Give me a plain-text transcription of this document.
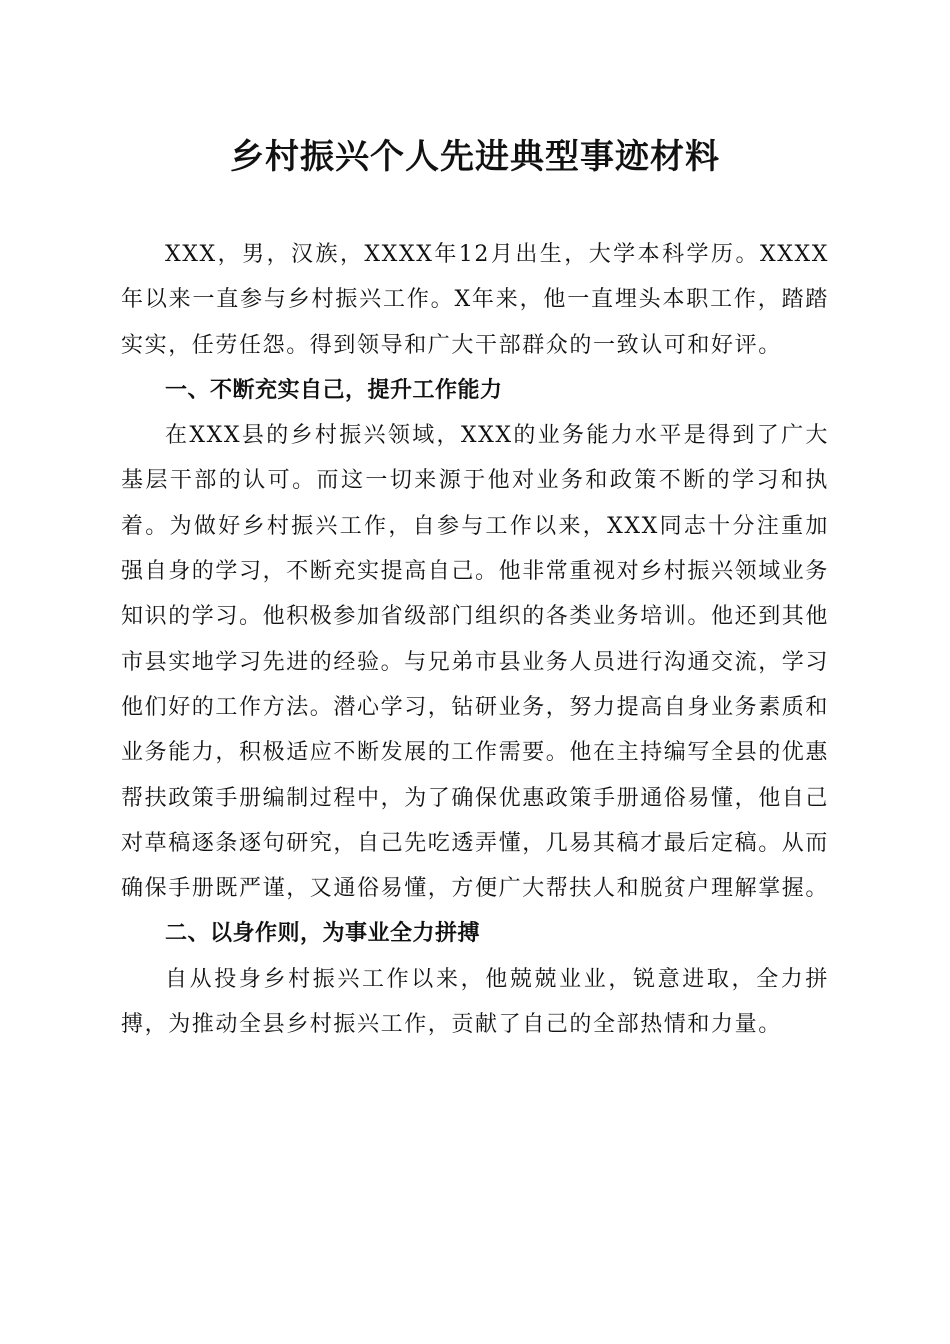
乡村振兴个人先进典型事迹材料

XXX，男，汉族，XXXX年12月出生，大学本科学历。XXXX年以来一直参与乡村振兴工作。X年来，他一直埋头本职工作，踏踏实实，任劳任怨。得到领导和广大干部群众的一致认可和好评。

一、不断充实自己，提升工作能力

在XXX县的乡村振兴领域，XXX的业务能力水平是得到了广大基层干部的认可。而这一切来源于他对业务和政策不断的学习和执着。为做好乡村振兴工作，自参与工作以来，XXX同志十分注重加强自身的学习，不断充实提高自己。他非常重视对乡村振兴领域业务知识的学习。他积极参加省级部门组织的各类业务培训。他还到其他市县实地学习先进的经验。与兄弟市县业务人员进行沟通交流，学习他们好的工作方法。潜心学习，钻研业务，努力提高自身业务素质和业务能力，积极适应不断发展的工作需要。他在主持编写全县的优惠帮扶政策手册编制过程中，为了确保优惠政策手册通俗易懂，他自己对草稿逐条逐句研究，自己先吃透弄懂，几易其稿才最后定稿。从而确保手册既严谨，又通俗易懂，方便广大帮扶人和脱贫户理解掌握。

二、以身作则，为事业全力拼搏

自从投身乡村振兴工作以来，他兢兢业业，锐意进取，全力拼搏，为推动全县乡村振兴工作，贡献了自己的全部热情和力量。
